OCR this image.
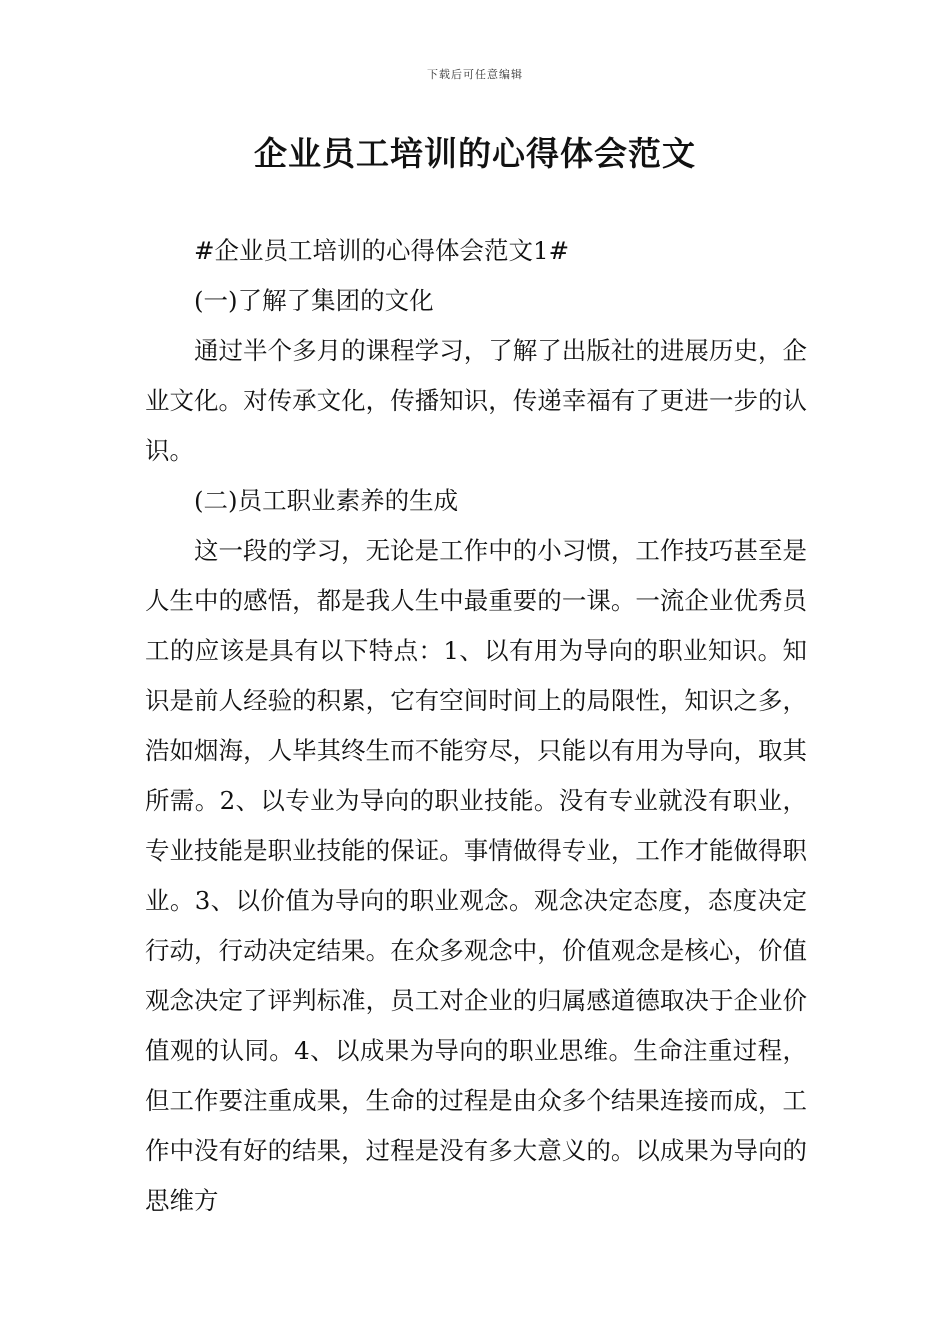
下载后可任意编辑
企业员工培训的心得体会范文

#企业员工培训的心得体会范文1#

(一)了解了集团的文化

通过半个多月的课程学习，了解了出版社的进展历史，企业文化。对传承文化，传播知识，传递幸福有了更进一步的认识。

(二)员工职业素养的生成

这一段的学习，无论是工作中的小习惯，工作技巧甚至是人生中的感悟，都是我人生中最重要的一课。一流企业优秀员工的应该是具有以下特点：1、以有用为导向的职业知识。知识是前人经验的积累，它有空间时间上的局限性，知识之多，浩如烟海，人毕其终生而不能穷尽，只能以有用为导向，取其所需。2、以专业为导向的职业技能。没有专业就没有职业，专业技能是职业技能的保证。事情做得专业，工作才能做得职业。3、以价值为导向的职业观念。观念决定态度，态度决定行动，行动决定结果。在众多观念中，价值观念是核心，价值观念决定了评判标准，员工对企业的归属感道德取决于企业价值观的认同。4、以成果为导向的职业思维。生命注重过程，但工作要注重成果，生命的过程是由众多个结果连接而成，工作中没有好的结果，过程是没有多大意义的。以成果为导向的思维方
